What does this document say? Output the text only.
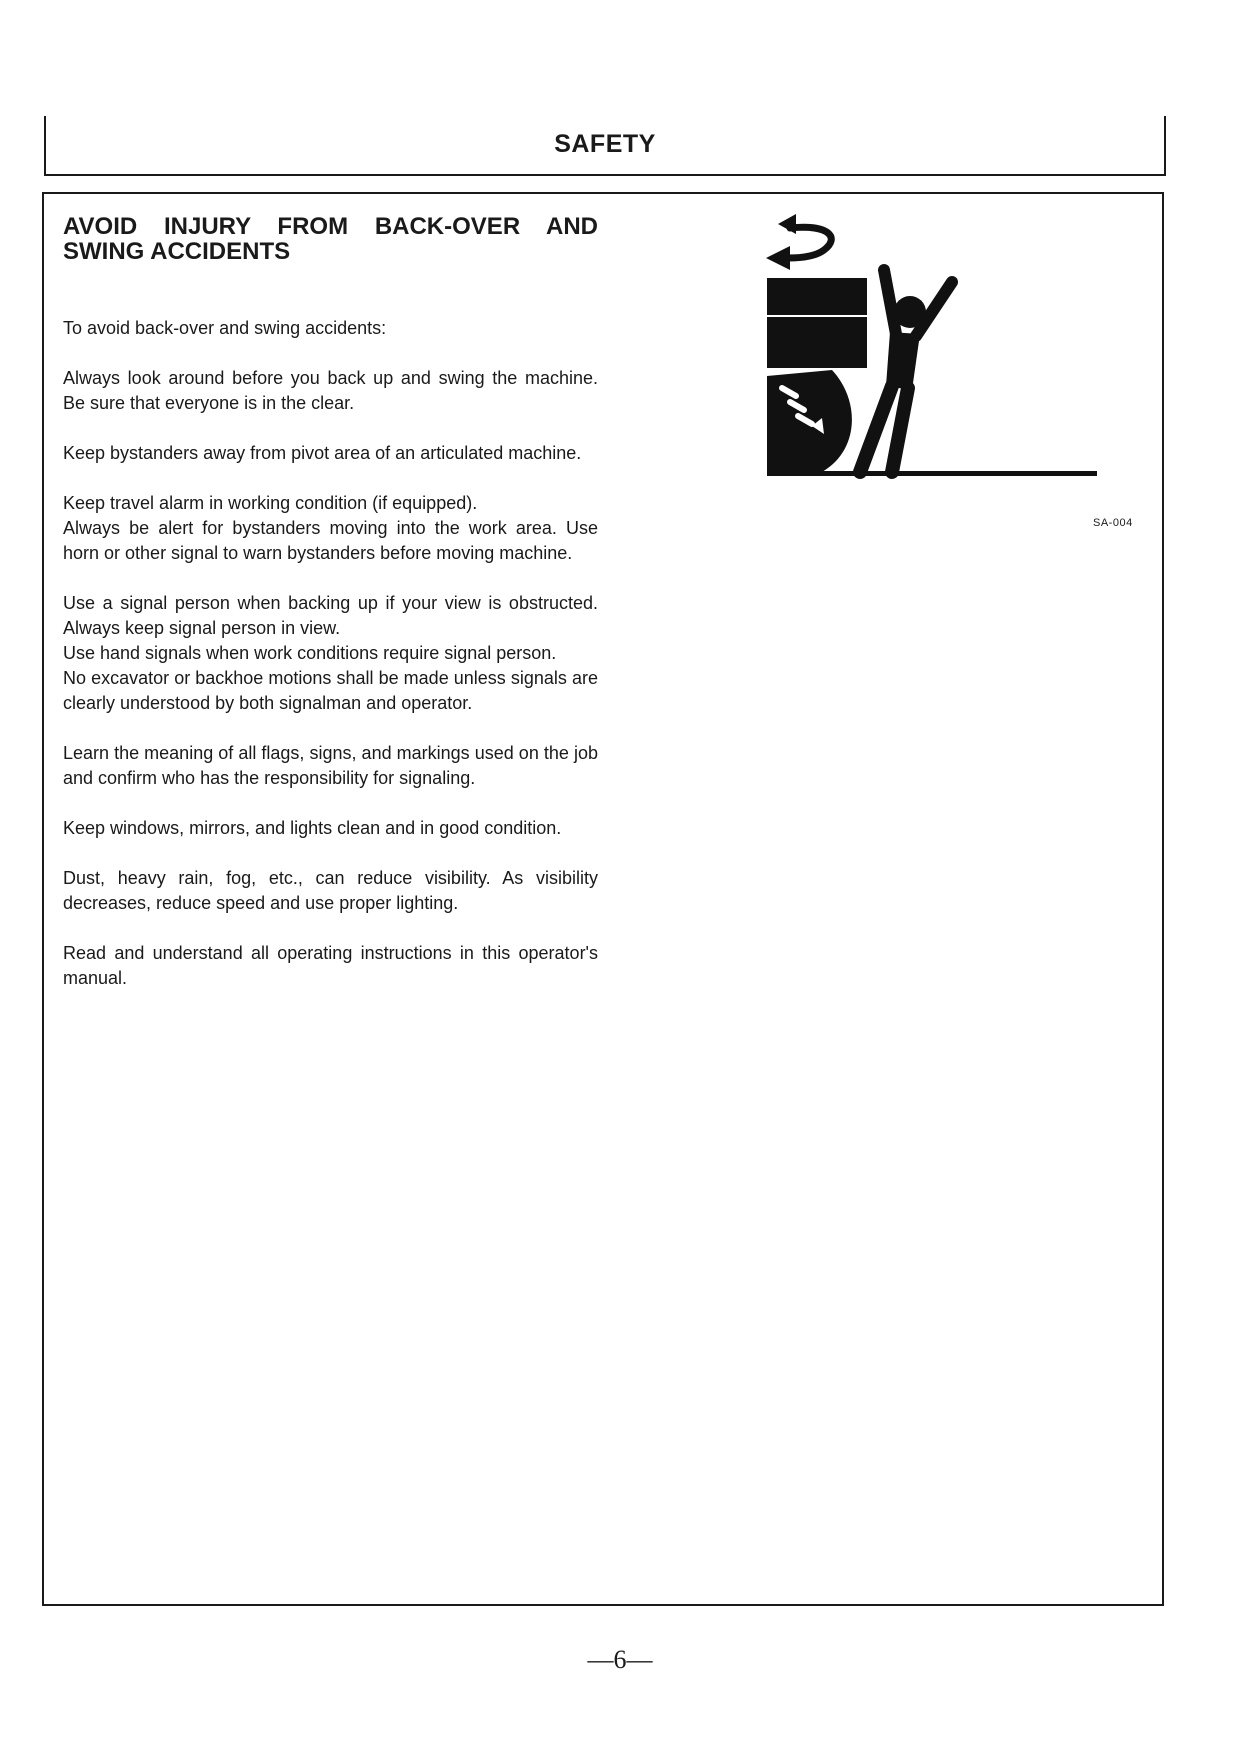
SAFETY
AVOID INJURY FROM BACK-OVER AND SWING ACCIDENTS

To avoid back-over and swing accidents:

Always look around before you back up and swing the machine. Be sure that everyone is in the clear.

Keep bystanders away from pivot area of an articulated machine.

Keep travel alarm in working condition (if equipped).
Always be alert for bystanders moving into the work area. Use horn or other signal to warn bystanders before moving machine.

Use a signal person when backing up if your view is obstructed. Always keep signal person in view.
Use hand signals when work conditions require signal person.
No excavator or backhoe motions shall be made unless signals are clearly understood by both signalman and operator.

Learn the meaning of all flags, signs, and markings used on the job and confirm who has the responsibility for signaling.

Keep windows, mirrors, and lights clean and in good condition.

Dust, heavy rain, fog, etc., can reduce visibility. As visibility decreases, reduce speed and use proper lighting.

Read and understand all operating instructions in this operator's manual.

SA-004
—6—
